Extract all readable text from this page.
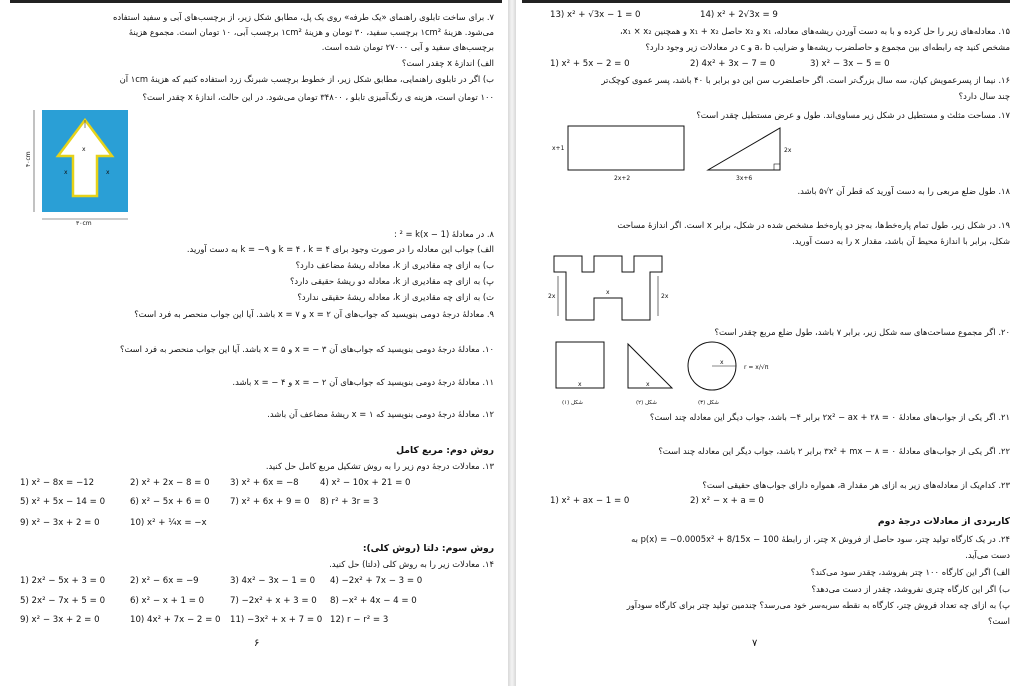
۷. برای ساخت تابلوی راهنمای «یک طرفه» روی یک پل، مطابق شکل زیر، از برچسب‌های آبی و سفید استفاده
می‌شود. هزینهٔ ۱cm² برچسب سفید، ۳۰ تومان و هزینهٔ ۱cm² برچسب آبی، ۱۰ تومان است. مجموع هزینهٔ
برچسب‌های سفید و آبی ۲۷۰۰۰ تومان شده است.
الف) اندازهٔ x چقدر است؟
ب) اگر در تابلوی راهنمایی، مطابق شکل زیر، از خطوط برچسب شبرنگ زرد استفاده کنیم که هزینهٔ ۱cm آن
۱۰۰ تومان است، هزینه ی رنگ‌آمیزی تابلو ، ۳۴۸۰۰ تومان می‌شود. در این حالت، اندازهٔ x چقدر است؟
۴۰cm
۳۰cm
x	x
x
۸. در معادلهٔ (x − 1)² = k :
الف) جواب این معادله را در صورت وجود برای k = ۴ ، k = ۴ و k = −۹ به دست آورید.
ب) به ازای چه مقادیری از k، معادله ریشهٔ مضاعف دارد؟
پ) به ازای چه مقادیری از k، معادله دو ریشهٔ حقیقی دارد؟
ت) به ازای چه مقادیری از k، معادله ریشهٔ حقیقی ندارد؟
۹. معادلهٔ درجهٔ دومی بنویسید که جواب‌های آن ۲ = x و ۷ = x باشد. آیا این جواب منحصر به فرد است؟
۱۰. معادلهٔ درجهٔ دومی بنویسید که جواب‌های آن ۳ − = x و ۵ = x باشد. آیا این جواب منحصر به فرد است؟
۱۱. معادلهٔ درجهٔ دومی بنویسید که جواب‌های آن ۲ − = x و ۴ − = x باشد.
۱۲. معادلهٔ درجهٔ دومی بنویسید که ۱ = x ریشهٔ مضاعف آن باشد.
روش دوم: مربع کامل
۱۳. معادلات درجهٔ دوم زیر را به روش تشکیل مربع کامل حل کنید.
1) x² − 8x = −12	2) x² + 2x − 8 = 0 3) x² + 6x = −8 4) x² − 10x + 21 = 0
5) x² + 5x − 14 = 0	6) x² − 5x + 6 = 0 7) x² + 6x + 9 = 0 8) r² + 3r = 3
9) x² − 3x + 2 = 0	10) x² + ¼x = −x
روش سوم: دلتا (روش کلی):
۱۴. معادلات زیر را به روش کلی (دلتا) حل کنید.
1) 2x² − 5x + 3 = 0	2) x² − 6x = −9	3) 4x² − 3x − 1 = 0 4) −2x² + 7x − 3 = 0
5) 2x² − 7x + 5 = 0	6) x² − x + 1 = 0	7) −2x² + x + 3 = 0 8) −x² + 4x − 4 = 0
9) x² − 3x + 2 = 0	10) 4x² + 7x − 2 = 0 11) −3x² + x + 7 = 0 12) r − r² = 3
۶
13) x² + √3x − 1 = 0	14) x² + 2√3x = 9
۱۵. معادله‌های زیر را حل کرده و با به دست آوردن ریشه‌های معادله، x₁ و x₂ حاصل x₁ + x₂ و همچنین x₁ × x₂،
مشخص کنید چه رابطه‌ای بین مجموع و حاصلضرب ریشه‌ها و ضرایب a، b و c در معادلات زیر وجود دارد؟
1) x² + 5x − 2 = 0	2) 4x² + 3x − 7 = 0	3) x² − 3x − 5 = 0
۱۶. نیما از پسرعمویش کیان، سه سال بزرگ‌تر است. اگر حاصلضرب سن این دو برابر با ۴۰ باشد، پسر عموی کوچک‌تر
چند سال دارد؟
۱۷. مساحت مثلث و مستطیل در شکل زیر مساوی‌اند. طول و عرض مستطیل چقدر است؟
x+1
2x+2
2x
3x+6
۱۸. طول ضلع مربعی را به دست آورید که قطر آن ۲√۵ باشد.
۱۹. در شکل زیر، طول تمام پاره‌خط‌ها، به‌جز دو پاره‌خط مشخص شده در شکل، برابر x است. اگر اندازهٔ مساحت
شکل، برابر با اندازهٔ محیط آن باشد، مقدار x را به دست آورید.
2x	2x
x
۲۰. اگر مجموع مساحت‌های سه شکل زیر، برابر ۷ باشد، طول ضلع مربع چقدر است؟
x	x
x
r = x/√π
شکل (۱)	شکل (۲)	شکل (۳)
۲۱. اگر یکی از جواب‌های معادلهٔ ۲x² − ax + ۲۸ = ۰ برابر ۴− باشد، جواب دیگر این معادله چند است؟
۲۲. اگر یکی از جواب‌های معادلهٔ ۳x² + mx − ۸ = ۰ برابر ۲ باشد، جواب دیگر این معادله چند است؟
۲۳. کدام‌یک از معادله‌های زیر به ازای هر مقدار a، همواره دارای جواب‌های حقیقی است؟
1) x² + ax − 1 = 0	2) x² − x + a = 0
کاربردی از معادلات درجهٔ دوم
۲۴. در یک کارگاه تولید چتر، سود حاصل از فروش x چتر، از رابطهٔ p(x) = −0.0005x² + 8/15x − 100 به
دست می‌آید.
الف) اگر این کارگاه ۱۰۰ چتر بفروشد، چقدر سود می‌کند؟
ب) اگر این کارگاه چتری نفروشد، چقدر از دست می‌دهد؟
پ) به ازای چه تعداد فروش چتر، کارگاه به نقطه سربه‌سر خود می‌رسد؟ چندمین تولید چتر برای کارگاه سودآور
است؟
۷
